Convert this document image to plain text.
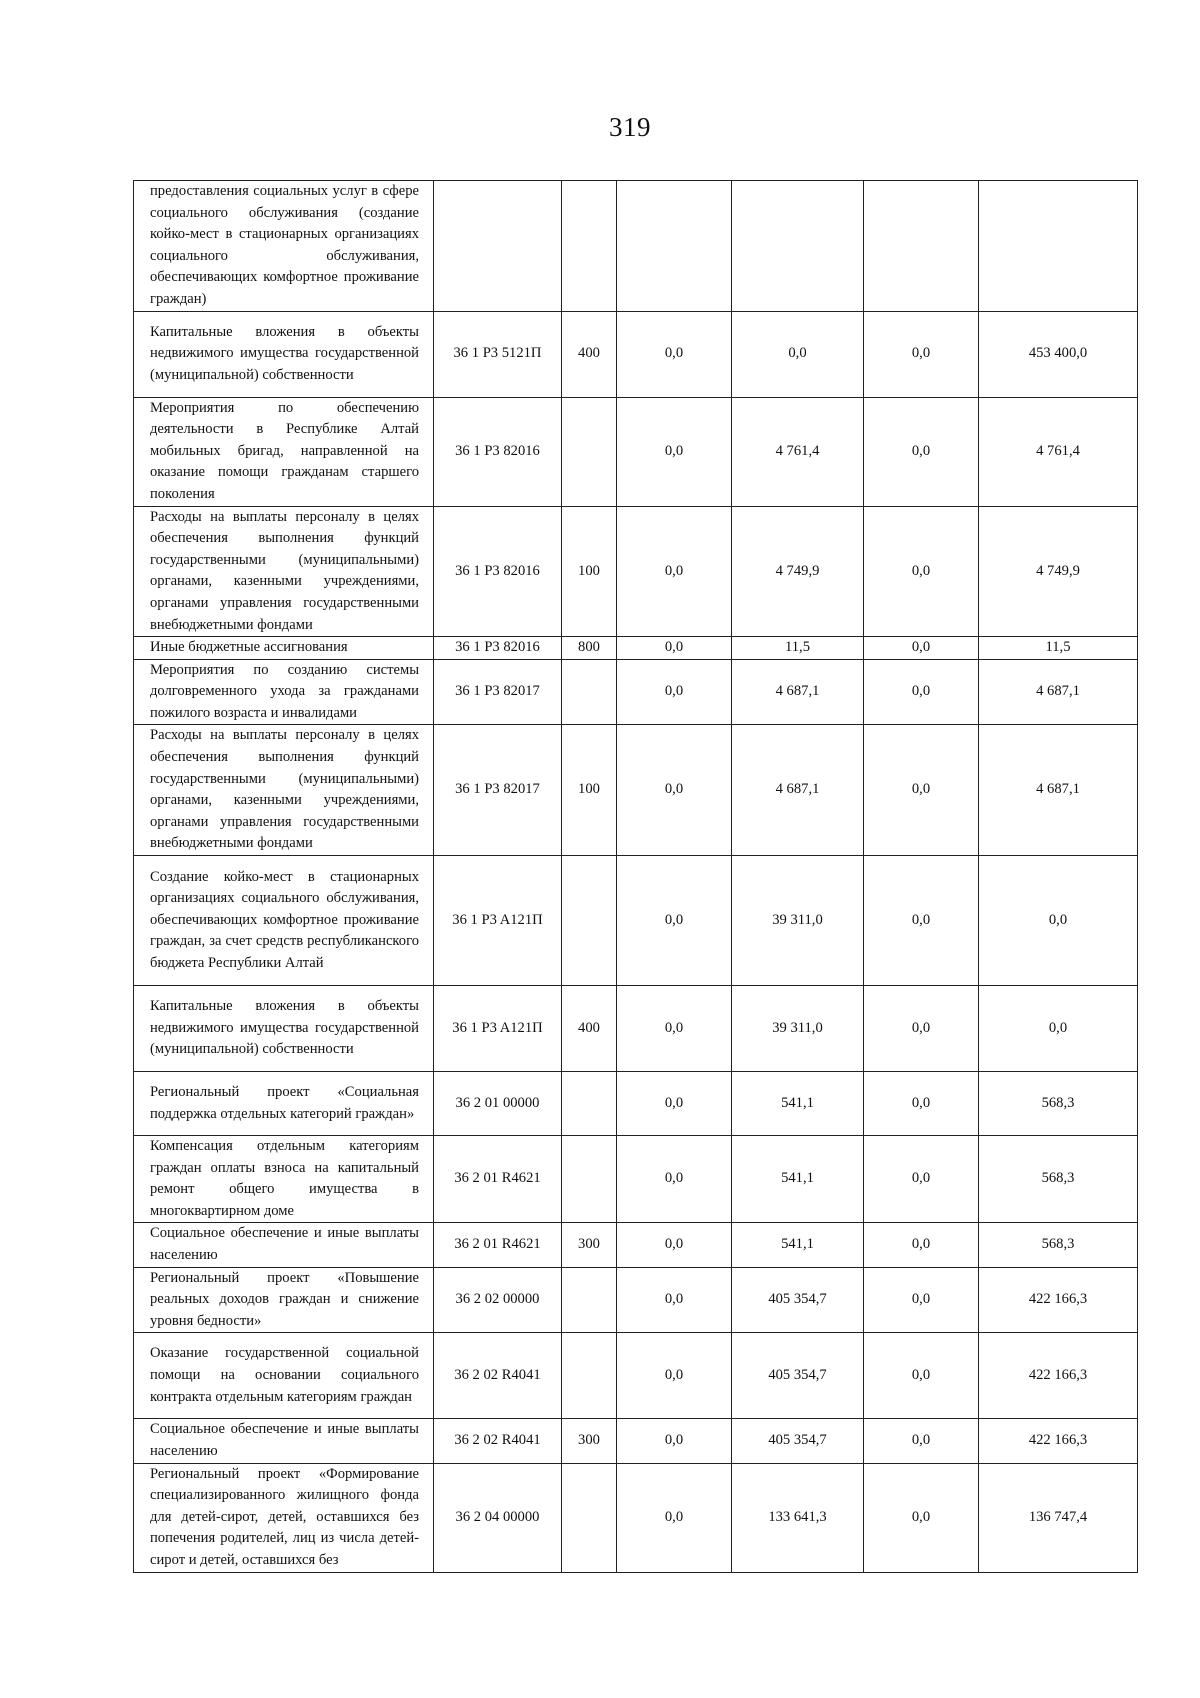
319
предоставления социальных услуг в сфере социального обслуживания (создание койко-мест в стационарных организациях социального обслуживания, обеспечивающих комфортное проживание граждан)						
Капитальные вложения в объекты недвижимого имущества государственной (муниципальной) собственности	36 1 P3 5121П	400	0,0	0,0	0,0	453 400,0
Мероприятия по обеспечению деятельности в Республике Алтай мобильных бригад, направленной на оказание помощи гражданам старшего поколения	36 1 P3 82016		0,0	4 761,4	0,0	4 761,4
Расходы на выплаты персоналу в целях обеспечения выполнения функций государственными (муниципальными) органами, казенными учреждениями, органами управления государственными внебюджетными фондами	36 1 P3 82016	100	0,0	4 749,9	0,0	4 749,9
Иные бюджетные ассигнования	36 1 P3 82016	800	0,0	11,5	0,0	11,5
Мероприятия по созданию системы долговременного ухода за гражданами пожилого возраста и инвалидами	36 1 P3 82017		0,0	4 687,1	0,0	4 687,1
Расходы на выплаты персоналу в целях обеспечения выполнения функций государственными (муниципальными) органами, казенными учреждениями, органами управления государственными внебюджетными фондами	36 1 P3 82017	100	0,0	4 687,1	0,0	4 687,1
Создание койко-мест в стационарных организациях социального обслуживания, обеспечивающих комфортное проживание граждан, за счет средств республиканского бюджета Республики Алтай	36 1 P3 A121П		0,0	39 311,0	0,0	0,0
Капитальные вложения в объекты недвижимого имущества государственной (муниципальной) собственности	36 1 P3 A121П	400	0,0	39 311,0	0,0	0,0
Региональный проект «Социальная поддержка отдельных категорий граждан»	36 2 01 00000		0,0	541,1	0,0	568,3
Компенсация отдельным категориям граждан оплаты взноса на капитальный ремонт общего имущества в многоквартирном доме	36 2 01 R4621		0,0	541,1	0,0	568,3
Социальное обеспечение и иные выплаты населению	36 2 01 R4621	300	0,0	541,1	0,0	568,3
Региональный проект «Повышение реальных доходов граждан и снижение уровня бедности»	36 2 02 00000		0,0	405 354,7	0,0	422 166,3
Оказание государственной социальной помощи на основании социального контракта отдельным категориям граждан	36 2 02 R4041		0,0	405 354,7	0,0	422 166,3
Социальное обеспечение и иные выплаты населению	36 2 02 R4041	300	0,0	405 354,7	0,0	422 166,3
Региональный проект «Формирование специализированного жилищного фонда для детей-сирот, детей, оставшихся без попечения родителей, лиц из числа детей-сирот и детей, оставшихся без	36 2 04 00000		0,0	133 641,3	0,0	136 747,4
